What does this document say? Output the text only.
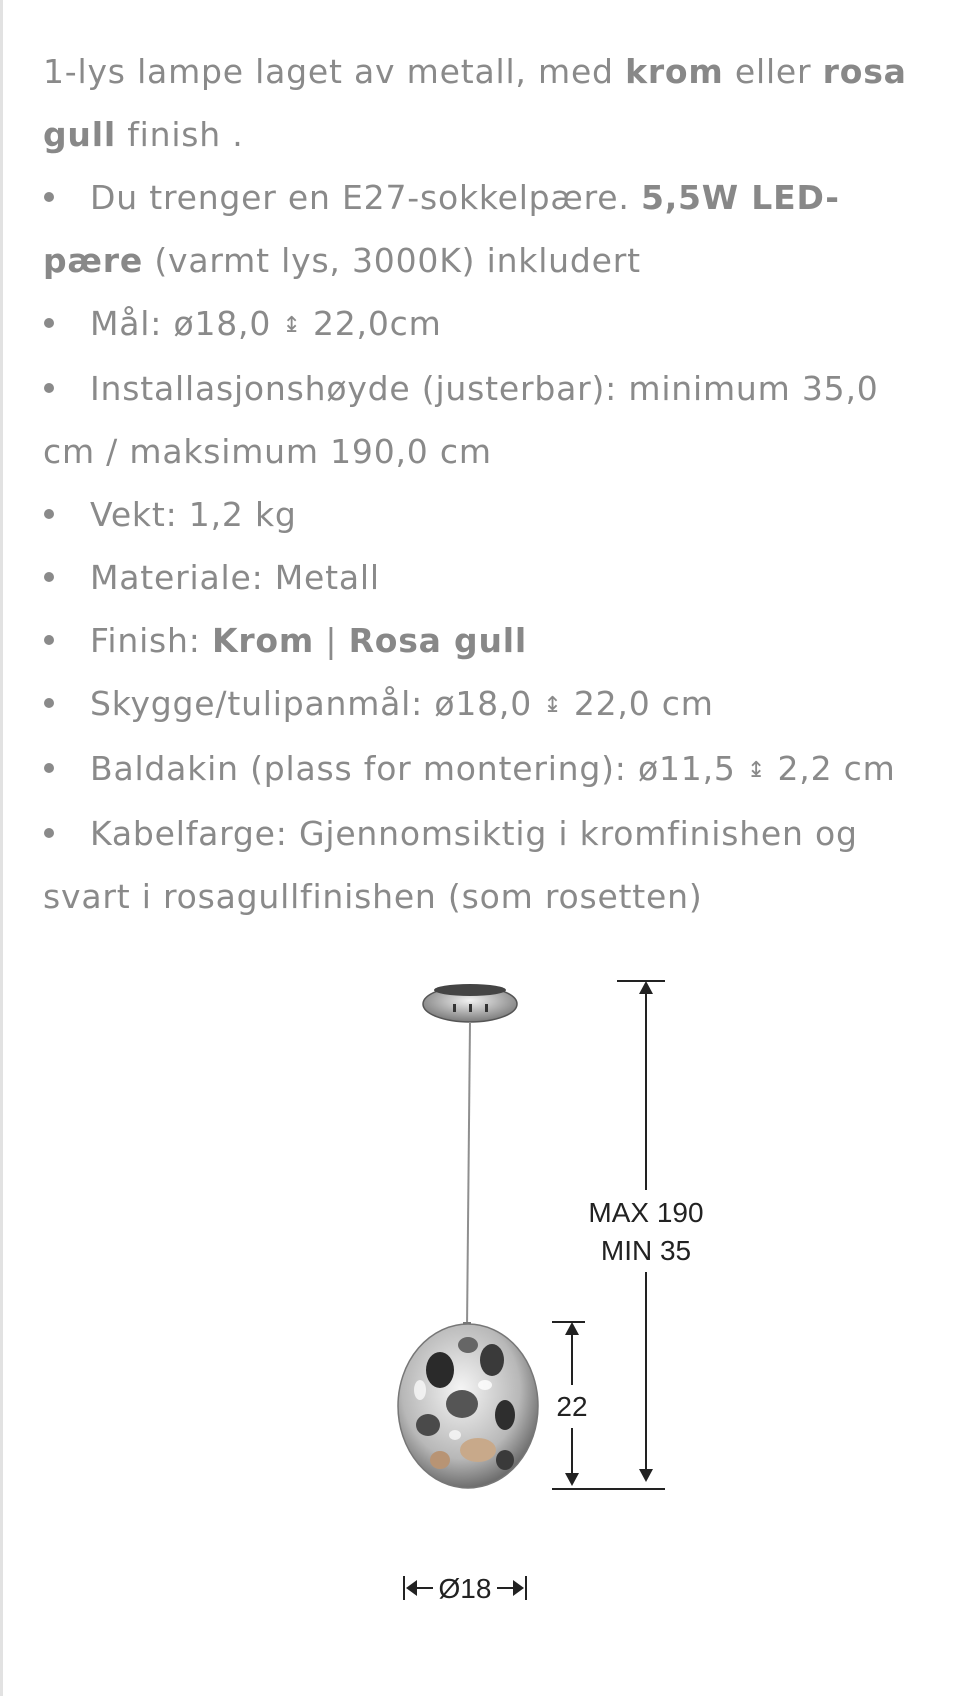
1-lys lampe laget av metall, med krom eller rosa gull finish .

Du trenger en E27-sokkelpære. 5,5W LED-pære (varmt lys, 3000K) inkludert

Mål: ø18,0 ↨ 22,0cm

Installasjonshøyde (justerbar): minimum 35,0 cm / maksimum 190,0 cm

Vekt: 1,2 kg

Materiale: Metall

Finish: Krom | Rosa gull

Skygge/tulipanmål: ø18,0 ↨ 22,0 cm

Baldakin (plass for montering): ø11,5 ↨ 2,2 cm

Kabelfarge: Gjennomsiktig i kromfinishen og svart i rosagullfinishen (som rosetten)

MAX 190
MIN 35
22
Ø18
